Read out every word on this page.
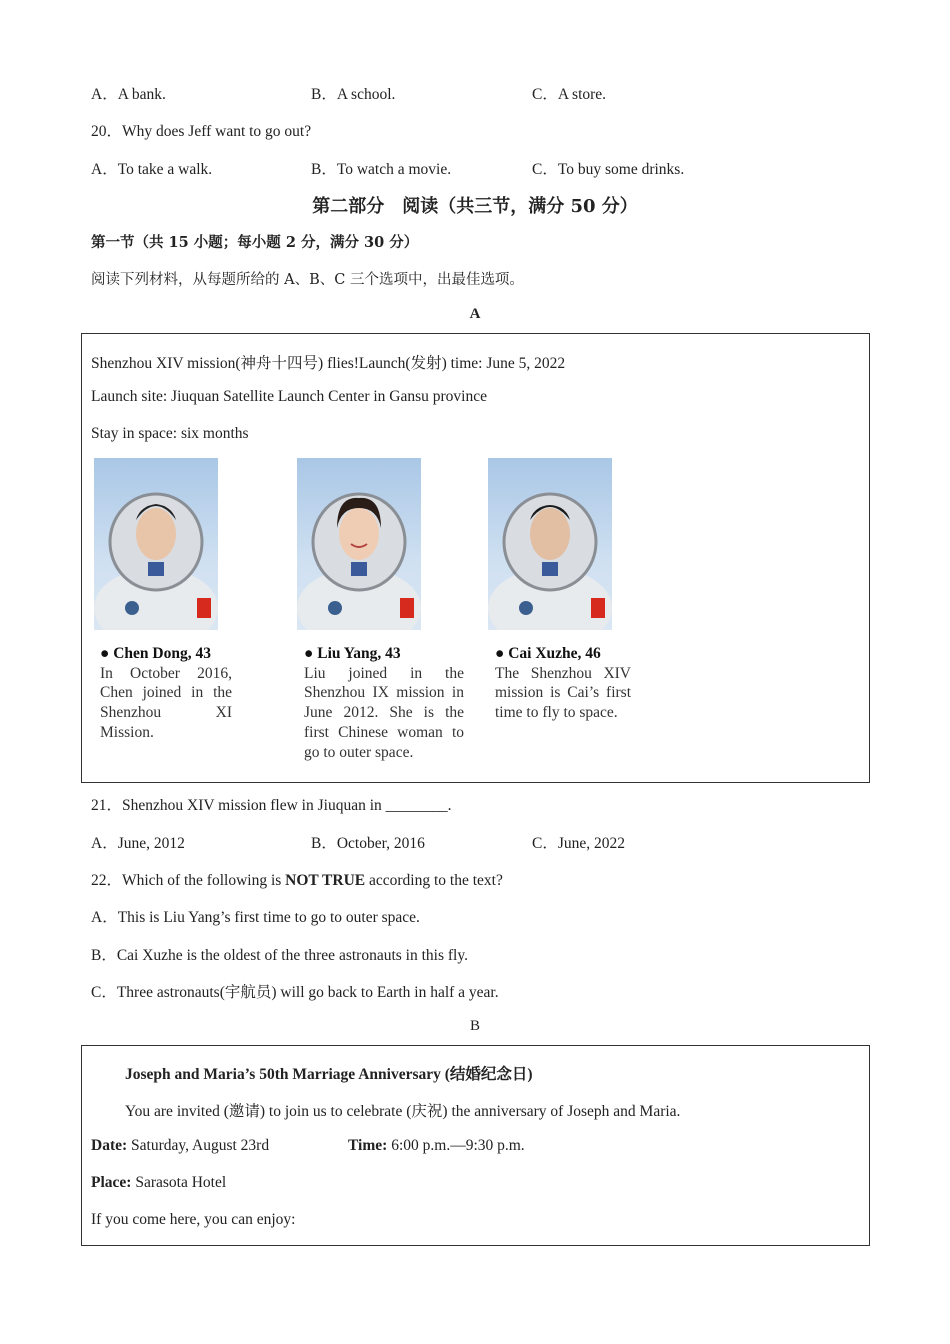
A．A bank.	B．A school.	C．A store.
20．Why does Jeff want to go out?
A．To take a walk.	B．To watch a movie.	C．To buy some drinks.
第二部分　阅读（共三节，满分 50 分）
第一节（共 15 小题；每小题 2 分，满分 30 分）
阅读下列材料，从每题所给的 A、B、C 三个选项中，出最佳选项。
A
Shenzhou XIV mission(神舟十四号) flies!Launch(发射) time: June 5, 2022
Launch site: Jiuquan Satellite Launch Center in Gansu province
Stay in space: six months
● Chen Dong, 43
In October 2016, Chen joined in the Shenzhou XI Mission.
● Liu Yang, 43
Liu joined in the Shenzhou IX mission in June 2012. She is the first Chinese woman to go to outer space.
● Cai Xuzhe, 46
The Shenzhou XIV mission is Cai’s first time to fly to space.
21．Shenzhou XIV mission flew in Jiuquan in ________.
A．June, 2012	B．October, 2016	C．June, 2022
22．Which of the following is NOT TRUE according to the text?
A．This is Liu Yang’s first time to go to outer space.
B．Cai Xuzhe is the oldest of the three astronauts in this fly.
C．Three astronauts(宇航员) will go back to Earth in half a year.
B
Joseph and Maria’s 50th Marriage Anniversary (结婚纪念日)
You are invited (邀请) to join us to celebrate (庆祝) the anniversary of Joseph and Maria.
Date: Saturday, August 23rd	Time: 6:00 p.m.—9:30 p.m.
Place: Sarasota Hotel
If you come here, you can enjoy:
